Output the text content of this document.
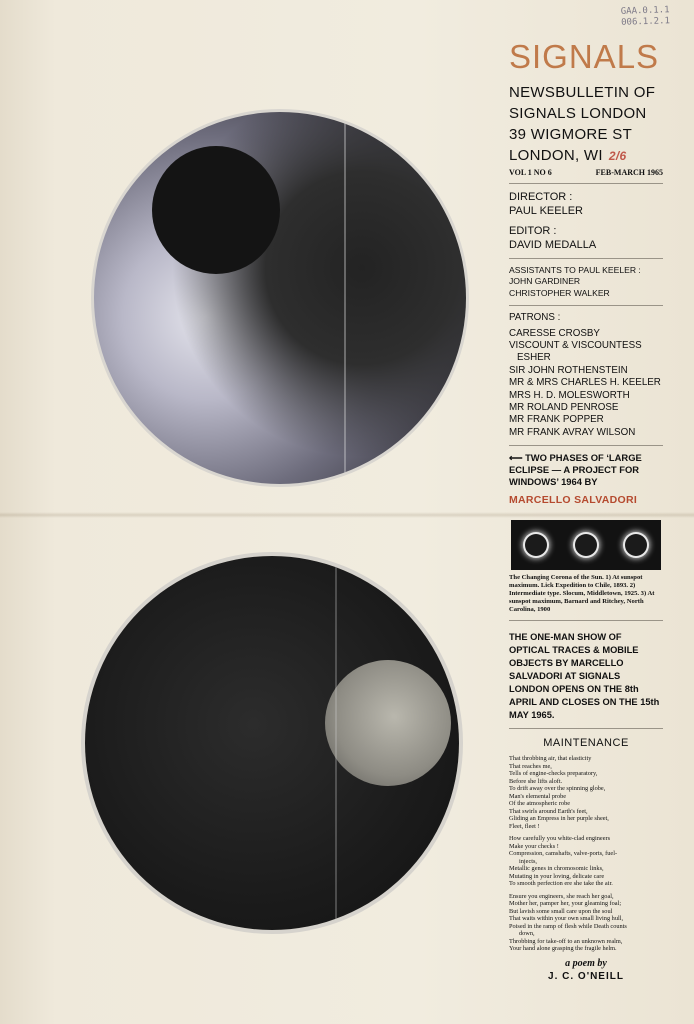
GAA.0.1.1
006.1.2.1
SIGNALS
NEWSBULLETIN OF
SIGNALS LONDON
39 WIGMORE ST
LONDON, WI 2/6
VOL 1 NO 6	FEB-MARCH 1965
DIRECTOR :
PAUL KEELER
EDITOR :
DAVID MEDALLA
ASSISTANTS TO PAUL KEELER :
JOHN GARDINER
CHRISTOPHER WALKER
PATRONS :
CARESSE CROSBY
VISCOUNT & VISCOUNTESS
ESHER
SIR JOHN ROTHENSTEIN
MR & MRS CHARLES H. KEELER
MRS H. D. MOLESWORTH
MR ROLAND PENROSE
MR FRANK POPPER
MR FRANK AVRAY WILSON
⟵ TWO PHASES OF ‘LARGE
ECLIPSE — A PROJECT FOR
WINDOWS’ 1964 BY
MARCELLO SALVADORI
The Changing Corona of the Sun. 1) At sunspot maximum. Lick Expedition to Chile, 1893. 2) Intermediate type. Slocum, Middletown, 1925. 3) At sunspot maximum, Barnard and Ritchey, North Carolina, 1900
THE ONE-MAN SHOW OF OPTICAL TRACES & MOBILE OBJECTS BY MARCELLO SALVADORI AT SIGNALS LONDON OPENS ON THE 8th APRIL AND CLOSES ON THE 15th MAY 1965.
MAINTENANCE
That throbbing air, that elasticity
That reaches me,
Tells of engine-checks preparatory,
Before she lifts aloft.
To drift away over the spinning globe,
Man's elemental probe
Of the atmospheric robe
That swirls around Earth's feet,
Gliding an Empress in her purple sheet,
Fleet, fleet !
How carefully you white-clad engineers
Make your checks !
Compression, camshafts, valve-ports, fuel-
injects,
Metallic genes in chromosomic links,
Mutating in your loving, delicate care
To smooth perfection ere she take the air.
Ensure you engineers, she reach her goal,
Mother her, pamper her, your gleaming foal;
But lavish some small care upon the soul
That waits within your own small living hull,
Poised in the ramp of flesh while Death counts
down,
Throbbing for take-off to an unknown realm,
Your hand alone grasping the fragile helm.
a poem by
J. C. O'NEILL
